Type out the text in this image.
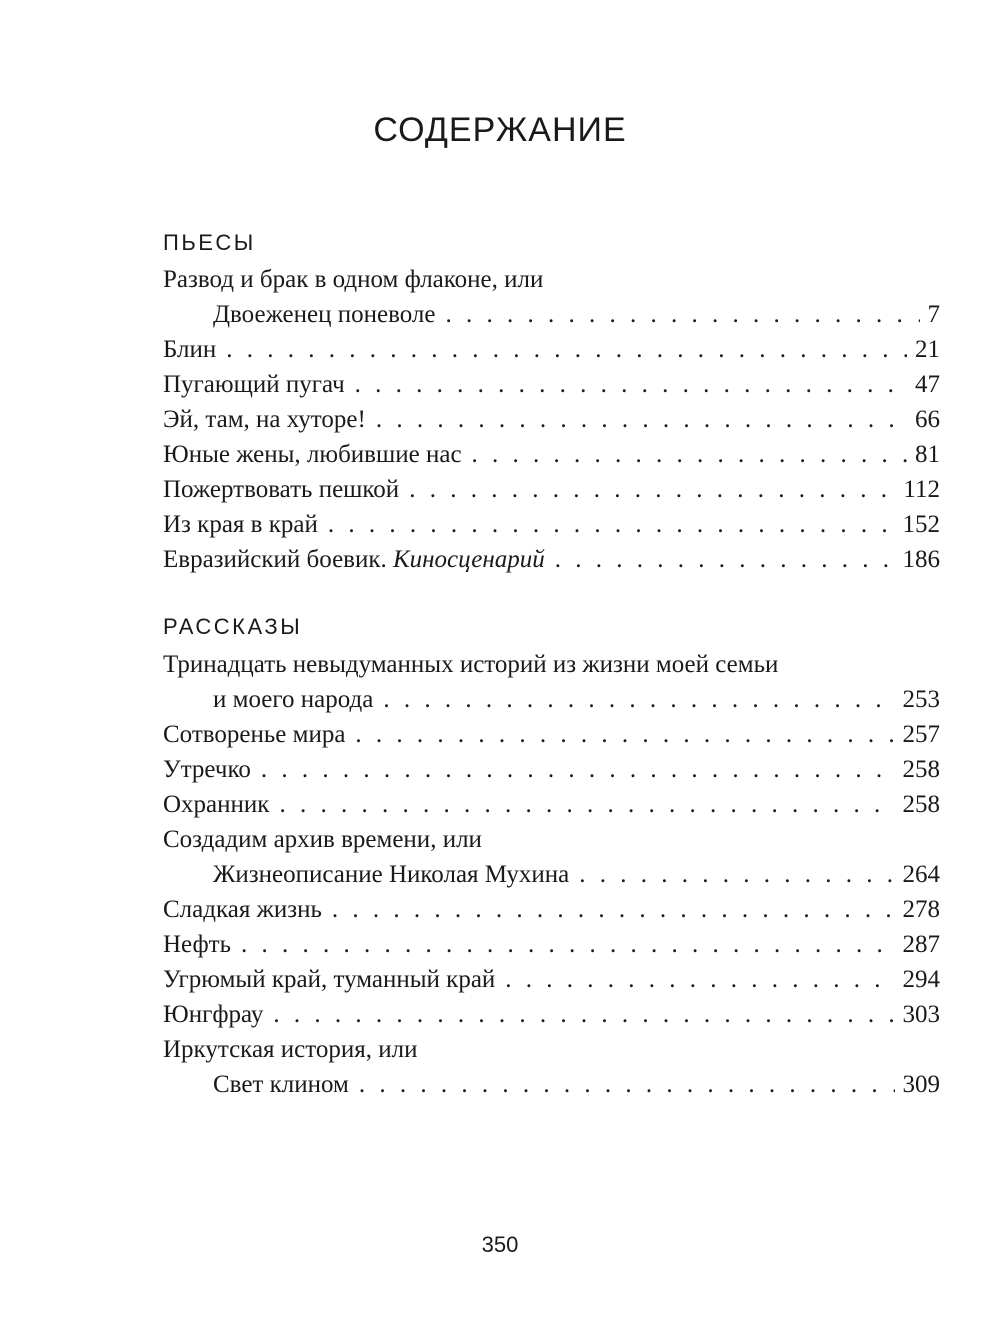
СОДЕРЖАНИЕ
ПЬЕСЫ
Развод и брак в одном флаконе, или
Двоеженец поневоле . . .	7
Блин . . .	21
Пугающий пугач . . .	47
Эй, там, на хуторе! . . .	66
Юные жены, любившие нас . . .	81
Пожертвовать пешкой . . .	112
Из края в край . . .	152
Евразийский боевик. Киносценарий . . .	186
РАССКАЗЫ
Тринадцать невыдуманных историй из жизни моей семьи
и моего народа . . .	253
Сотворенье мира . . .	257
Утречко . . .	258
Охранник . . .	258
Создадим архив времени, или
Жизнеописание Николая Мухина . . .	264
Сладкая жизнь . . .	278
Нефть . . .	287
Угрюмый край, туманный край . . .	294
Юнгфрау . . .	303
Иркутская история, или
Свет клином . . .	309
350
